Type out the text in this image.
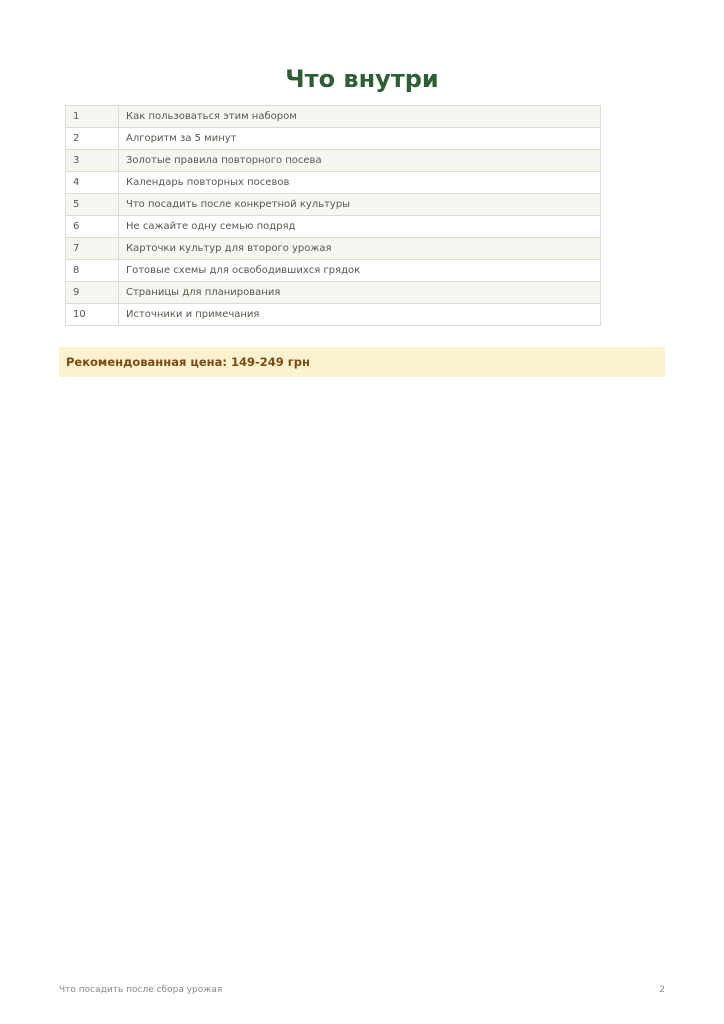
Что внутри
1	Как пользоваться этим набором
2	Алгоритм за 5 минут
3	Золотые правила повторного посева
4	Календарь повторных посевов
5	Что посадить после конкретной культуры
6	Не сажайте одну семью подряд
7	Карточки культур для второго урожая
8	Готовые схемы для освободившихся грядок
9	Страницы для планирования
10	Источники и примечания
Рекомендованная цена: 149-249 грн
Что посадить после сбора урожая	2
